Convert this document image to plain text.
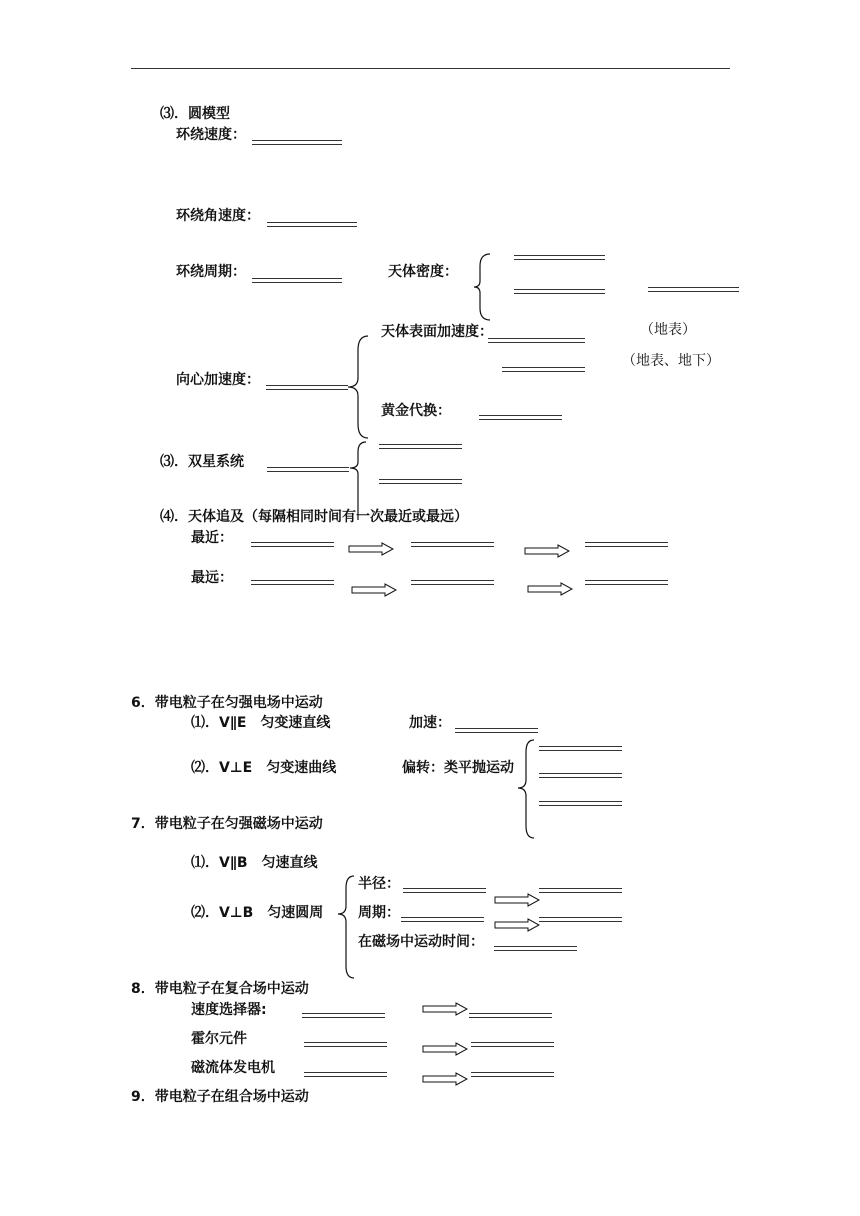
⑶．圆模型
环绕速度：
环绕角速度：
环绕周期：	天体密度：
天体表面加速度：	（地表）
（地表、地下）
向心加速度：
黄金代换：
⑶．双星系统
⑷．天体追及（每隔相同时间有一次最近或最远）
最近：
最远：
6．带电粒子在匀强电场中运动
⑴．V∥E　匀变速直线	加速：
⑵．V⊥E　匀变速曲线	偏转：类平抛运动
7．带电粒子在匀强磁场中运动
⑴．V∥B　匀速直线
半径：
⑵．V⊥B　匀速圆周 周期：
在磁场中运动时间：
8．带电粒子在复合场中运动
速度选择器:
霍尔元件
磁流体发电机
9．带电粒子在组合场中运动
